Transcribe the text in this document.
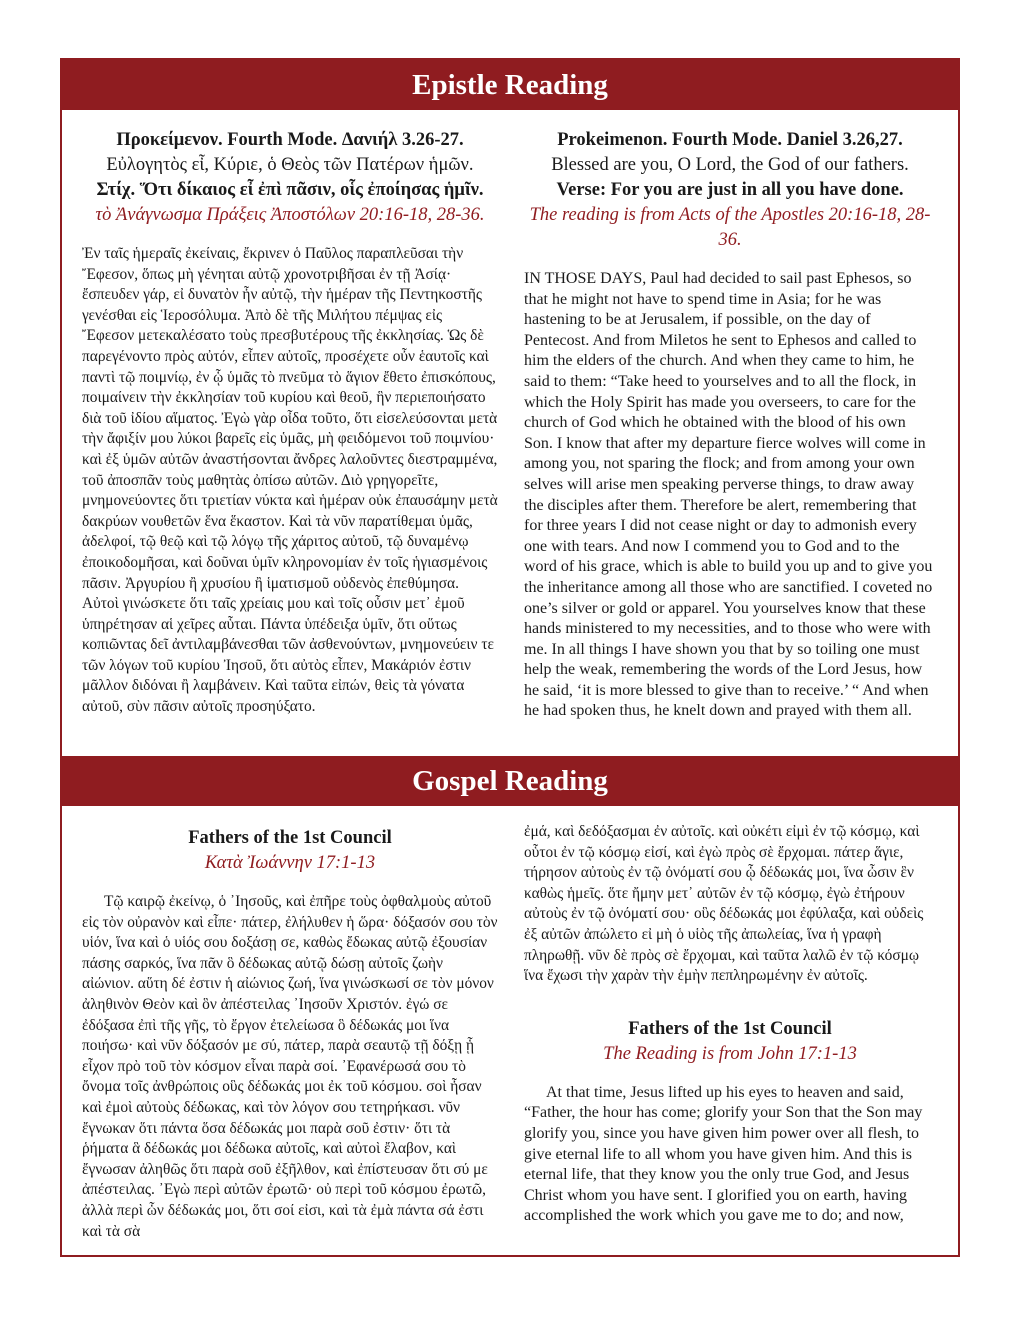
Epistle Reading
Προκείμενον. Fourth Mode. Δανιήλ 3.26-27.
Εὐλογητὸς εἶ, Κύριε, ὁ Θεὸς τῶν Πατέρων ἡμῶν.
Στίχ. Ὅτι δίκαιος εἶ ἐπὶ πᾶσιν, οἷς ἐποίησας ἡμῖν.
τὸ Ἀνάγνωσμα Πράξεις Ἀποστόλων 20:16-18, 28-36.

Ἐν ταῖς ἡμεραῖς ἐκείναις, ἔκρινεν ὁ Παῦλος παραπλεῦσαι τὴν Ἔφεσον, ὅπως μὴ γένηται αὐτῷ χρονοτριβῆσαι ἐν τῇ Ἀσίᾳ· ἔσπευδεν γάρ, εἰ δυνατὸν ἦν αὐτῷ, τὴν ἡμέραν τῆς Πεντηκοστῆς γενέσθαι εἰς Ἱεροσόλυμα. Ἀπὸ δὲ τῆς Μιλήτου πέμψας εἰς Ἔφεσον μετεκαλέσατο τοὺς πρεσβυτέρους τῆς ἐκκλησίας. Ὡς δὲ παρεγένοντο πρὸς αὐτόν, εἶπεν αὐτοῖς, προσέχετε οὖν ἑαυτοῖς καὶ παντὶ τῷ ποιμνίῳ, ἐν ᾧ ὑμᾶς τὸ πνεῦμα τὸ ἅγιον ἔθετο ἐπισκόπους, ποιμαίνειν τὴν ἐκκλησίαν τοῦ κυρίου καὶ θεοῦ, ἣν περιεποιήσατο διὰ τοῦ ἰδίου αἵματος. Ἐγὼ γὰρ οἶδα τοῦτο, ὅτι εἰσελεύσονται μετὰ τὴν ἄφιξίν μου λύκοι βαρεῖς εἰς ὑμᾶς, μὴ φειδόμενοι τοῦ ποιμνίου· καὶ ἐξ ὑμῶν αὐτῶν ἀναστήσονται ἄνδρες λαλοῦντες διεστραμμένα, τοῦ ἀποσπᾶν τοὺς μαθητὰς ὀπίσω αὐτῶν. Διὸ γρηγορεῖτε, μνημονεύοντες ὅτι τριετίαν νύκτα καὶ ἡμέραν οὐκ ἐπαυσάμην μετὰ δακρύων νουθετῶν ἕνα ἕκαστον. Καὶ τὰ νῦν παρατίθεμαι ὑμᾶς, ἀδελφοί, τῷ θεῷ καὶ τῷ λόγῳ τῆς χάριτος αὐτοῦ, τῷ δυναμένῳ ἐποικοδομῆσαι, καὶ δοῦναι ὑμῖν κληρονομίαν ἐν τοῖς ἡγιασμένοις πᾶσιν. Ἀργυρίου ἢ χρυσίου ἢ ἱματισμοῦ οὐδενὸς ἐπεθύμησα. Αὐτοὶ γινώσκετε ὅτι ταῖς χρείαις μου καὶ τοῖς οὖσιν μετ᾽ ἐμοῦ ὑπηρέτησαν αἱ χεῖρες αὗται. Πάντα ὑπέδειξα ὑμῖν, ὅτι οὕτως κοπιῶντας δεῖ ἀντιλαμβάνεσθαι τῶν ἀσθενούντων, μνημονεύειν τε τῶν λόγων τοῦ κυρίου Ἰησοῦ, ὅτι αὐτὸς εἶπεν, Μακάριόν ἐστιν μᾶλλον διδόναι ἢ λαμβάνειν. Καὶ ταῦτα εἰπών, θεὶς τὰ γόνατα αὐτοῦ, σὺν πᾶσιν αὐτοῖς προσηύξατο.

Prokeimenon. Fourth Mode. Daniel 3.26,27.
Blessed are you, O Lord, the God of our fathers.
Verse: For you are just in all you have done.
The reading is from Acts of the Apostles 20:16-18, 28-36.

IN THOSE DAYS, Paul had decided to sail past Ephesos, so that he might not have to spend time in Asia; for he was hastening to be at Jerusalem, if possible, on the day of Pentecost. And from Miletos he sent to Ephesos and called to him the elders of the church. And when they came to him, he said to them: “Take heed to yourselves and to all the flock, in which the Holy Spirit has made you overseers, to care for the church of God which he obtained with the blood of his own Son. I know that after my departure fierce wolves will come in among you, not sparing the flock; and from among your own selves will arise men speaking perverse things, to draw away the disciples after them. Therefore be alert, remembering that for three years I did not cease night or day to admonish every one with tears. And now I commend you to God and to the word of his grace, which is able to build you up and to give you the inheritance among all those who are sanctified. I coveted no one’s silver or gold or apparel. You yourselves know that these hands ministered to my necessities, and to those who were with me. In all things I have shown you that by so toiling one must help the weak, remembering the words of the Lord Jesus, how he said, ‘it is more blessed to give than to receive.’ “ And when he had spoken thus, he knelt down and prayed with them all.

Gospel Reading
Fathers of the 1st Council
Κατὰ Ἰωάννην 17:1-13

Τῷ καιρῷ ἐκείνῳ, ὁ ᾿Ιησοῦς, καὶ ἐπῆρε τοὺς ὀφθαλμοὺς αὐτοῦ εἰς τὸν οὐρανὸν καὶ εἶπε· πάτερ, ἐλήλυθεν ἡ ὥρα· δόξασόν σου τὸν υἱόν, ἵνα καὶ ὁ υἱός σου δοξάσῃ σε, καθὼς ἔδωκας αὐτῷ ἐξουσίαν πάσης σαρκός, ἵνα πᾶν ὃ δέδωκας αὐτῷ δώσῃ αὐτοῖς ζωὴν αἰώνιον. αὕτη δέ ἐστιν ἡ αἰώνιος ζωή, ἵνα γινώσκωσί σε τὸν μόνον ἀληθινὸν Θεὸν καὶ ὃν ἀπέστειλας ᾿Ιησοῦν Χριστόν. ἐγώ σε ἐδόξασα ἐπὶ τῆς γῆς, τὸ ἔργον ἐτελείωσα ὃ δέδωκάς μοι ἵνα ποιήσω· καὶ νῦν δόξασόν με σύ, πάτερ, παρὰ σεαυτῷ τῇ δόξῃ ᾗ εἶχον πρὸ τοῦ τὸν κόσμον εἶναι παρὰ σοί. ᾿Εφανέρωσά σου τὸ ὄνομα τοῖς ἀνθρώποις οὓς δέδωκάς μοι ἐκ τοῦ κόσμου. σοὶ ἦσαν καὶ ἐμοὶ αὐτοὺς δέδωκας, καὶ τὸν λόγον σου τετηρήκασι. νῦν ἔγνωκαν ὅτι πάντα ὅσα δέδωκάς μοι παρὰ σοῦ ἐστιν· ὅτι τὰ ῥήματα ἃ δέδωκάς μοι δέδωκα αὐτοῖς, καὶ αὐτοὶ ἔλαβον, καὶ ἔγνωσαν ἀληθῶς ὅτι παρὰ σοῦ ἐξῆλθον, καὶ ἐπίστευσαν ὅτι σύ με ἀπέστειλας. ᾿Εγὼ περὶ αὐτῶν ἐρωτῶ· οὐ περὶ τοῦ κόσμου ἐρωτῶ, ἀλλὰ περὶ ὧν δέδωκάς μοι, ὅτι σοί εἰσι, καὶ τὰ ἐμὰ πάντα σά ἐστι καὶ τὰ σὰ

ἐμά, καὶ δεδόξασμαι ἐν αὐτοῖς. καὶ οὐκέτι εἰμὶ ἐν τῷ κόσμῳ, καὶ οὗτοι ἐν τῷ κόσμῳ εἰσί, καὶ ἐγὼ πρὸς σὲ ἔρχομαι. πάτερ ἅγιε, τήρησον αὐτοὺς ἐν τῷ ὀνόματί σου ᾧ δέδωκάς μοι, ἵνα ὦσιν ἓν καθὼς ἡμεῖς. ὅτε ἤμην μετ᾿ αὐτῶν ἐν τῷ κόσμῳ, ἐγὼ ἐτήρουν αὐτοὺς ἐν τῷ ὀνόματί σου· οὓς δέδωκάς μοι ἐφύλαξα, καὶ οὐδεὶς ἐξ αὐτῶν ἀπώλετο εἰ μὴ ὁ υἱὸς τῆς ἀπωλείας, ἵνα ἡ γραφὴ πληρωθῇ. νῦν δὲ πρὸς σὲ ἔρχομαι, καὶ ταῦτα λαλῶ ἐν τῷ κόσμῳ ἵνα ἔχωσι τὴν χαρὰν τὴν ἐμὴν πεπληρωμένην ἐν αὐτοῖς.

Fathers of the 1st Council
The Reading is from John 17:1-13

At that time, Jesus lifted up his eyes to heaven and said, “Father, the hour has come; glorify your Son that the Son may glorify you, since you have given him power over all flesh, to give eternal life to all whom you have given him. And this is eternal life, that they know you the only true God, and Jesus Christ whom you have sent. I glorified you on earth, having accomplished the work which you gave me to do; and now,
